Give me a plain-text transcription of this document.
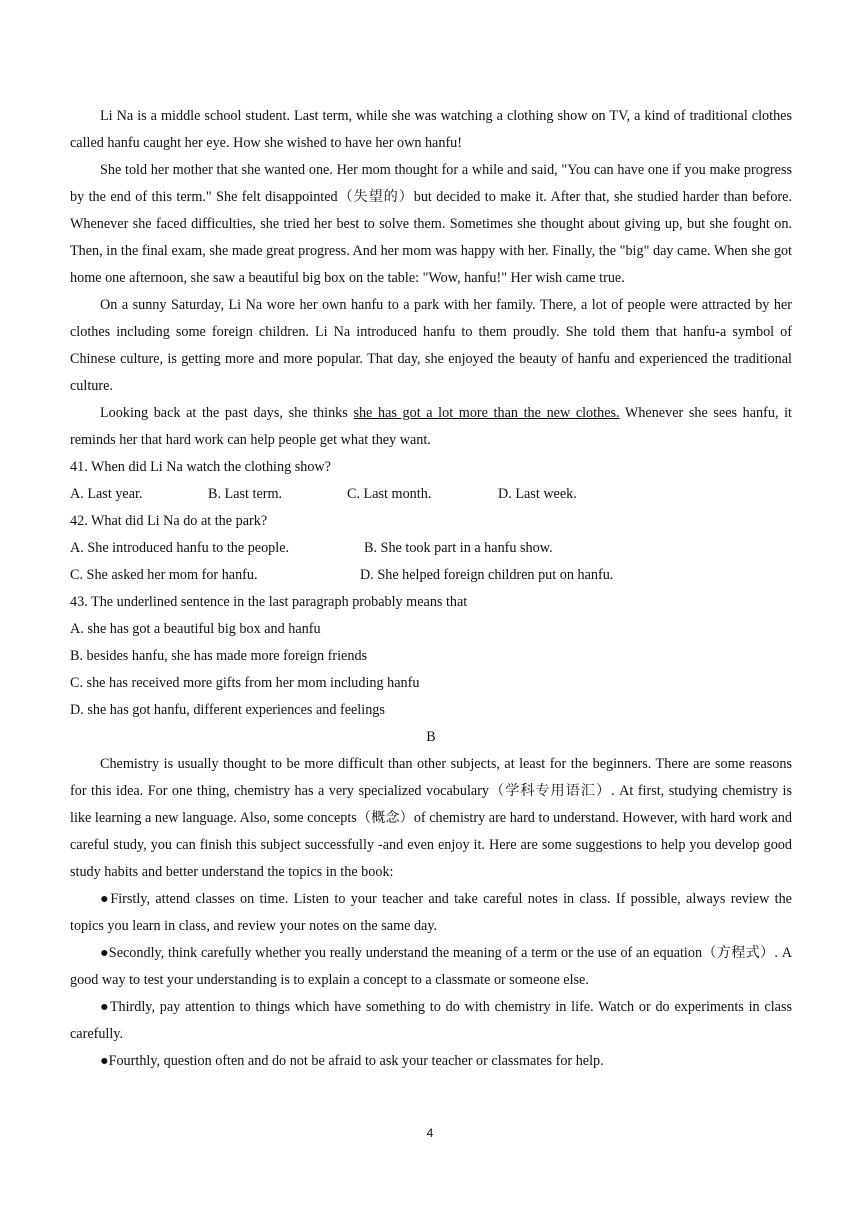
Li Na is a middle school student. Last term, while she was watching a clothing show on TV, a kind of traditional clothes called hanfu caught her eye. How she wished to have her own hanfu!

She told her mother that she wanted one. Her mom thought for a while and said, "You can have one if you make progress by the end of this term." She felt disappointed（失望的）but decided to make it. After that, she studied harder than before. Whenever she faced difficulties, she tried her best to solve them. Sometimes she thought about giving up, but she fought on. Then, in the final exam, she made great progress. And her mom was happy with her. Finally, the "big" day came. When she got home one afternoon, she saw a beautiful big box on the table: "Wow, hanfu!" Her wish came true.

On a sunny Saturday, Li Na wore her own hanfu to a park with her family. There, a lot of people were attracted by her clothes including some foreign children. Li Na introduced hanfu to them proudly. She told them that hanfu-a symbol of Chinese culture, is getting more and more popular. That day, she enjoyed the beauty of hanfu and experienced the traditional culture.

Looking back at the past days, she thinks she has got a lot more than the new clothes. Whenever she sees hanfu, it reminds her that hard work can help people get what they want.

41. When did Li Na watch the clothing show?

A. Last year.	B. Last term.	C. Last month.	D. Last week.

42. What did Li Na do at the park?

A. She introduced hanfu to the people.	B. She took part in a hanfu show.
C. She asked her mom for hanfu.	D. She helped foreign children put on hanfu.

43. The underlined sentence in the last paragraph probably means that

A. she has got a beautiful big box and hanfu

B. besides hanfu, she has made more foreign friends

C. she has received more gifts from her mom including hanfu

D. she has got hanfu, different experiences and feelings

B

Chemistry is usually thought to be more difficult than other subjects, at least for the beginners. There are some reasons for this idea. For one thing, chemistry has a very specialized vocabulary（学科专用语汇）. At first, studying chemistry is like learning a new language. Also, some concepts（概念）of chemistry are hard to understand. However, with hard work and careful study, you can finish this subject successfully -and even enjoy it. Here are some suggestions to help you develop good study habits and better understand the topics in the book:

●Firstly, attend classes on time. Listen to your teacher and take careful notes in class. If possible, always review the topics you learn in class, and review your notes on the same day.

●Secondly, think carefully whether you really understand the meaning of a term or the use of an equation（方程式）. A good way to test your understanding is to explain a concept to a classmate or someone else.

●Thirdly, pay attention to things which have something to do with chemistry in life. Watch or do experiments in class carefully.

●Fourthly, question often and do not be afraid to ask your teacher or classmates for help.

4
